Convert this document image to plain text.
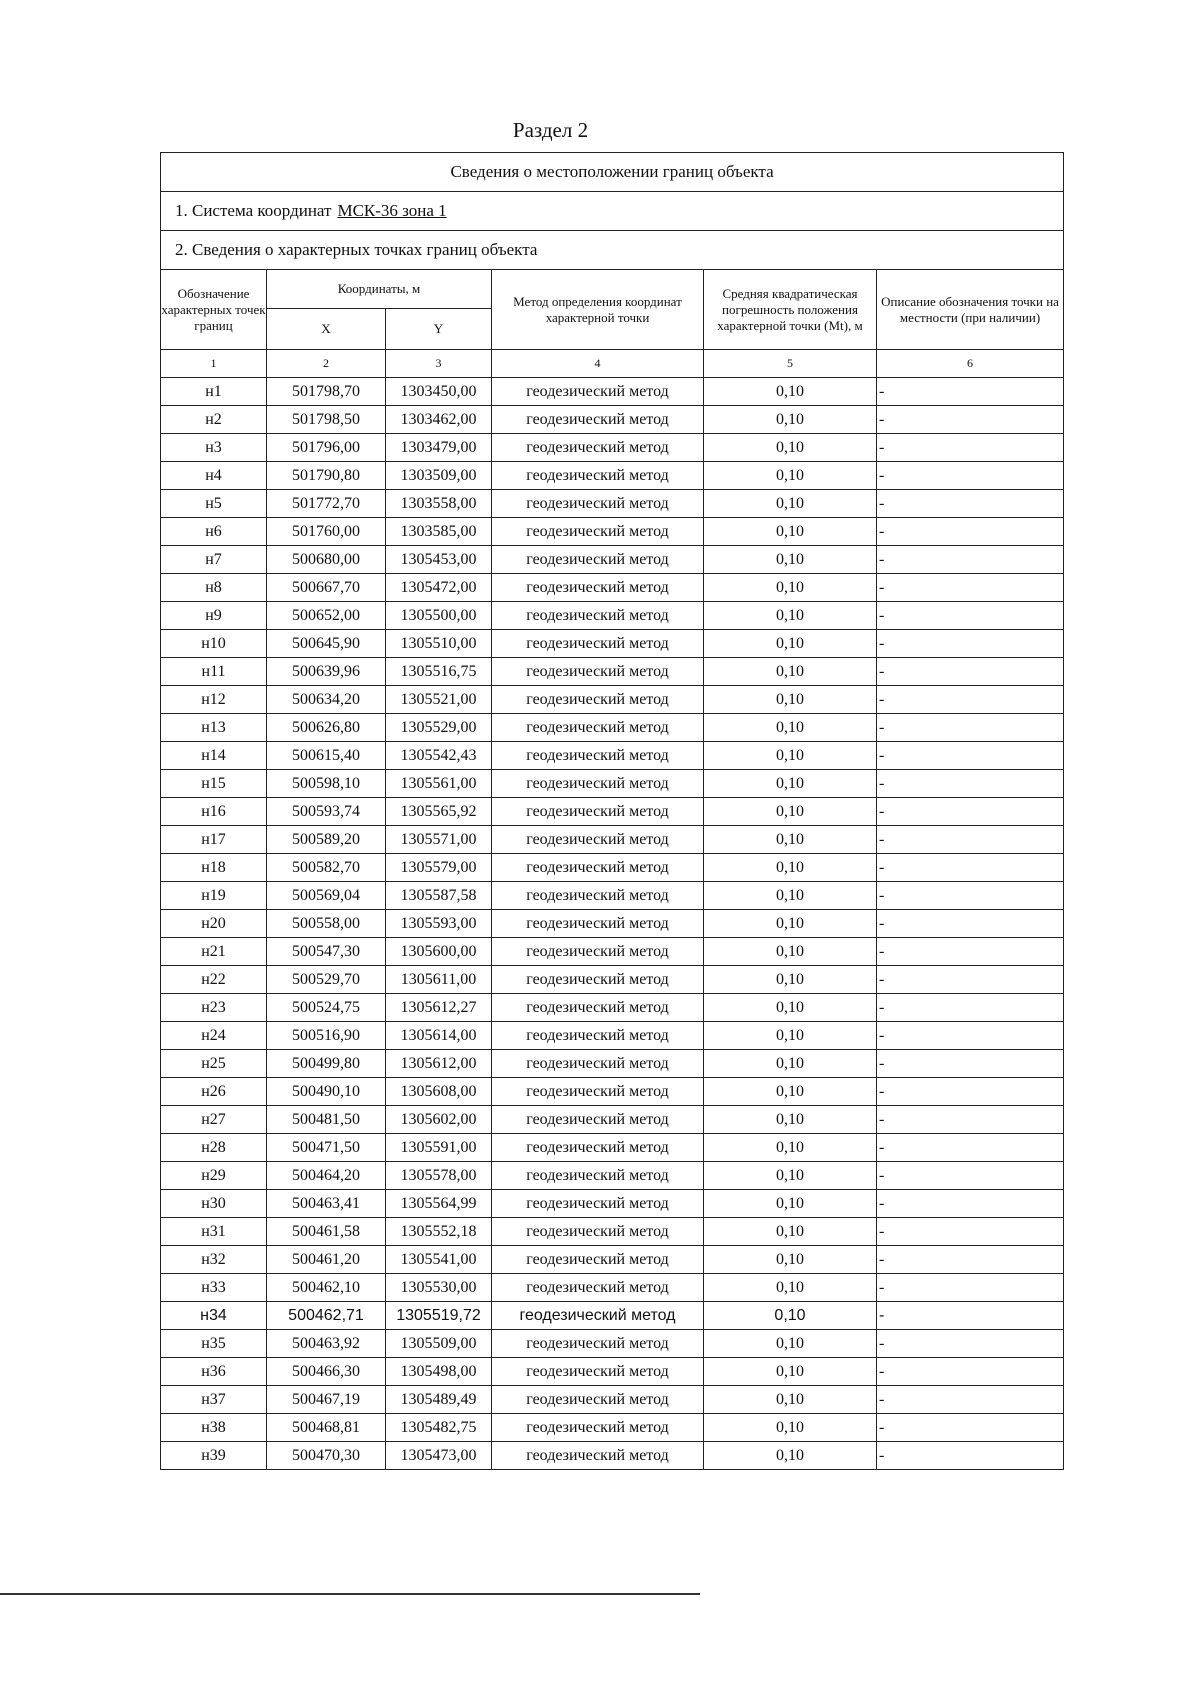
Раздел 2
Сведения о местоположении границ объекта					
1. Система координат МСК-36 зона 1					
2. Сведения о характерных точках границ объекта					
Обозначение характерных точек границ	Координаты, м		Метод определения координат характерной точки	Средняя квадратическая погрешность положения характерной точки (Mt), м	Описание обозначения точки на местности (при наличии)
	X	Y			
1	2	3	4	5	6
н1	501798,70	1303450,00	геодезический метод	0,10	-
н2	501798,50	1303462,00	геодезический метод	0,10	-
н3	501796,00	1303479,00	геодезический метод	0,10	-
н4	501790,80	1303509,00	геодезический метод	0,10	-
н5	501772,70	1303558,00	геодезический метод	0,10	-
н6	501760,00	1303585,00	геодезический метод	0,10	-
н7	500680,00	1305453,00	геодезический метод	0,10	-
н8	500667,70	1305472,00	геодезический метод	0,10	-
н9	500652,00	1305500,00	геодезический метод	0,10	-
н10	500645,90	1305510,00	геодезический метод	0,10	-
н11	500639,96	1305516,75	геодезический метод	0,10	-
н12	500634,20	1305521,00	геодезический метод	0,10	-
н13	500626,80	1305529,00	геодезический метод	0,10	-
н14	500615,40	1305542,43	геодезический метод	0,10	-
н15	500598,10	1305561,00	геодезический метод	0,10	-
н16	500593,74	1305565,92	геодезический метод	0,10	-
н17	500589,20	1305571,00	геодезический метод	0,10	-
н18	500582,70	1305579,00	геодезический метод	0,10	-
н19	500569,04	1305587,58	геодезический метод	0,10	-
н20	500558,00	1305593,00	геодезический метод	0,10	-
н21	500547,30	1305600,00	геодезический метод	0,10	-
н22	500529,70	1305611,00	геодезический метод	0,10	-
н23	500524,75	1305612,27	геодезический метод	0,10	-
н24	500516,90	1305614,00	геодезический метод	0,10	-
н25	500499,80	1305612,00	геодезический метод	0,10	-
н26	500490,10	1305608,00	геодезический метод	0,10	-
н27	500481,50	1305602,00	геодезический метод	0,10	-
н28	500471,50	1305591,00	геодезический метод	0,10	-
н29	500464,20	1305578,00	геодезический метод	0,10	-
н30	500463,41	1305564,99	геодезический метод	0,10	-
н31	500461,58	1305552,18	геодезический метод	0,10	-
н32	500461,20	1305541,00	геодезический метод	0,10	-
н33	500462,10	1305530,00	геодезический метод	0,10	-
н34	500462,71	1305519,72	геодезический метод	0,10	-
н35	500463,92	1305509,00	геодезический метод	0,10	-
н36	500466,30	1305498,00	геодезический метод	0,10	-
н37	500467,19	1305489,49	геодезический метод	0,10	-
н38	500468,81	1305482,75	геодезический метод	0,10	-
н39	500470,30	1305473,00	геодезический метод	0,10	-
